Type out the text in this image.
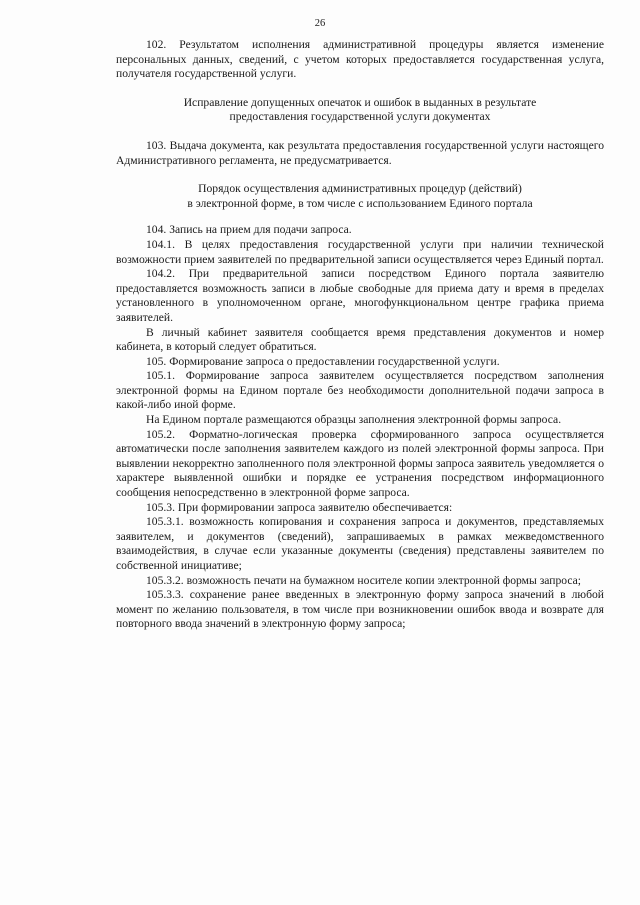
26

102. Результатом исполнения административной процедуры является изменение персональных данных, сведений, с учетом которых предоставляется государственная услуга, получателя государственной услуги.

Исправление допущенных опечаток и ошибок в выданных в результате

предоставления государственной услуги документах

103. Выдача документа, как результата предоставления государственной услуги настоящего Административного регламента, не предусматривается.

Порядок осуществления административных процедур (действий)

в электронной форме, в том числе с использованием Единого портала

104. Запись на прием для подачи запроса.

104.1. В целях предоставления государственной услуги при наличии технической возможности прием заявителей по предварительной записи осуществляется через Единый портал.

104.2. При предварительной записи посредством Единого портала заявителю предоставляется возможность записи в любые свободные для приема дату и время в пределах установленного в уполномоченном органе, многофункциональном центре графика приема заявителей.

В личный кабинет заявителя сообщается время представления документов и номер кабинета, в который следует обратиться.

105. Формирование запроса о предоставлении государственной услуги.

105.1. Формирование запроса заявителем осуществляется посредством заполнения электронной формы на Едином портале без необходимости дополнительной подачи запроса в какой-либо иной форме.

На Едином портале размещаются образцы заполнения электронной формы запроса.

105.2. Форматно-логическая проверка сформированного запроса осуществляется автоматически после заполнения заявителем каждого из полей электронной формы запроса. При выявлении некорректно заполненного поля электронной формы запроса заявитель уведомляется о характере выявленной ошибки и порядке ее устранения посредством информационного сообщения непосредственно в электронной форме запроса.

105.3. При формировании запроса заявителю обеспечивается:

105.3.1. возможность копирования и сохранения запроса и документов, представляемых заявителем, и документов (сведений), запрашиваемых в рамках межведомственного взаимодействия, в случае если указанные документы (сведения) представлены заявителем по собственной инициативе;

105.3.2. возможность печати на бумажном носителе копии электронной формы запроса;

105.3.3. сохранение ранее введенных в электронную форму запроса значений в любой момент по желанию пользователя, в том числе при возникновении ошибок ввода и возврате для повторного ввода значений в электронную форму запроса;
